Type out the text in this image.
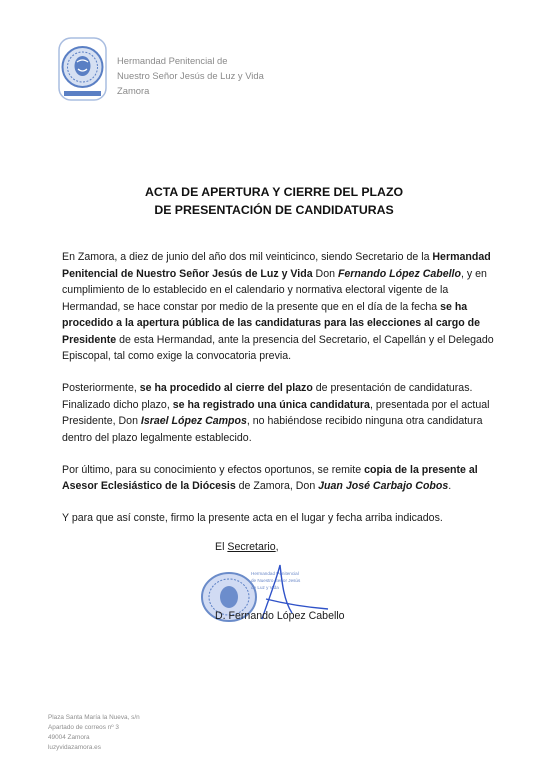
Hermandad Penitencial de
Nuestro Señor Jesús de Luz y Vida
Zamora
ACTA DE APERTURA Y CIERRE DEL PLAZO
DE PRESENTACIÓN DE CANDIDATURAS

En Zamora, a diez de junio del año dos mil veinticinco, siendo Secretario de la Hermandad Penitencial de Nuestro Señor Jesús de Luz y Vida Don Fernando López Cabello, y en cumplimiento de lo establecido en el calendario y normativa electoral vigente de la Hermandad, se hace constar por medio de la presente que en el día de la fecha se ha procedido a la apertura pública de las candidaturas para las elecciones al cargo de Presidente de esta Hermandad, ante la presencia del Secretario, el Capellán y el Delegado Episcopal, tal como exige la convocatoria previa.

Posteriormente, se ha procedido al cierre del plazo de presentación de candidaturas. Finalizado dicho plazo, se ha registrado una única candidatura, presentada por el actual Presidente, Don Israel López Campos, no habiéndose recibido ninguna otra candidatura dentro del plazo legalmente establecido.

Por último, para su conocimiento y efectos oportunos, se remite copia de la presente al Asesor Eclesiástico de la Diócesis de Zamora, Don Juan José Carbajo Cobos.

Y para que así conste, firmo la presente acta en el lugar y fecha arriba indicados.

El Secretario,
Hermandad Penitencial
de Nuestro Señor Jesús
de Luz y Vida
D. Fernando López Cabello
Plaza Santa María la Nueva, s/n
Apartado de correos nº 3
49004 Zamora
luzyvidazamora.es
